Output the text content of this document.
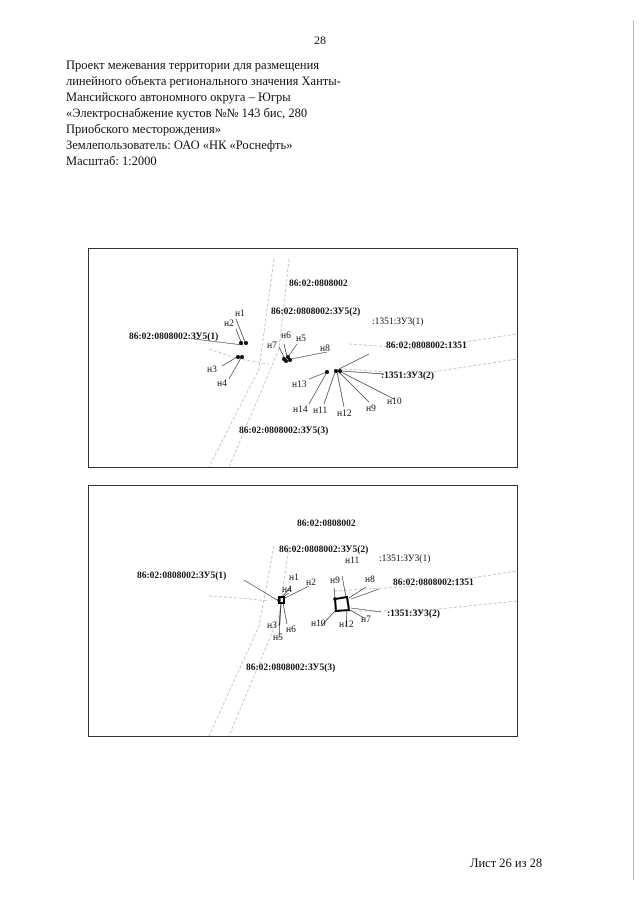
28
Проект межевания территории для размещения
линейного объекта регионального значения Ханты-
Мансийского автономного округа – Югры
«Электроснабжение кустов №№ 143 бис, 280
Приобского месторождения»
Землепользователь: ОАО «НК «Роснефть»
Масштаб: 1:2000
86:02:0808002
86:02:0808002:ЗУ5(2)
:1351:ЗУ3(1)
86:02:0808002:ЗУ5(1)
86:02:0808002:1351
:1351:ЗУ3(2)
86:02:0808002:ЗУ5(3)
н1
н2
н3
н4
н5
н6
н7	н8
н9
н10
н11 н12
н13
н14
86:02:0808002
86:02:0808002:ЗУ5(2)
:1351:ЗУ3(1)
86:02:0808002:ЗУ5(1)
86:02:0808002:1351
:1351:ЗУ3(2)
86:02:0808002:ЗУ5(3)
н1 н2
н3
н4
н5
н6
н7
н8
н9
н10
н11
н12
Лист 26 из 28
